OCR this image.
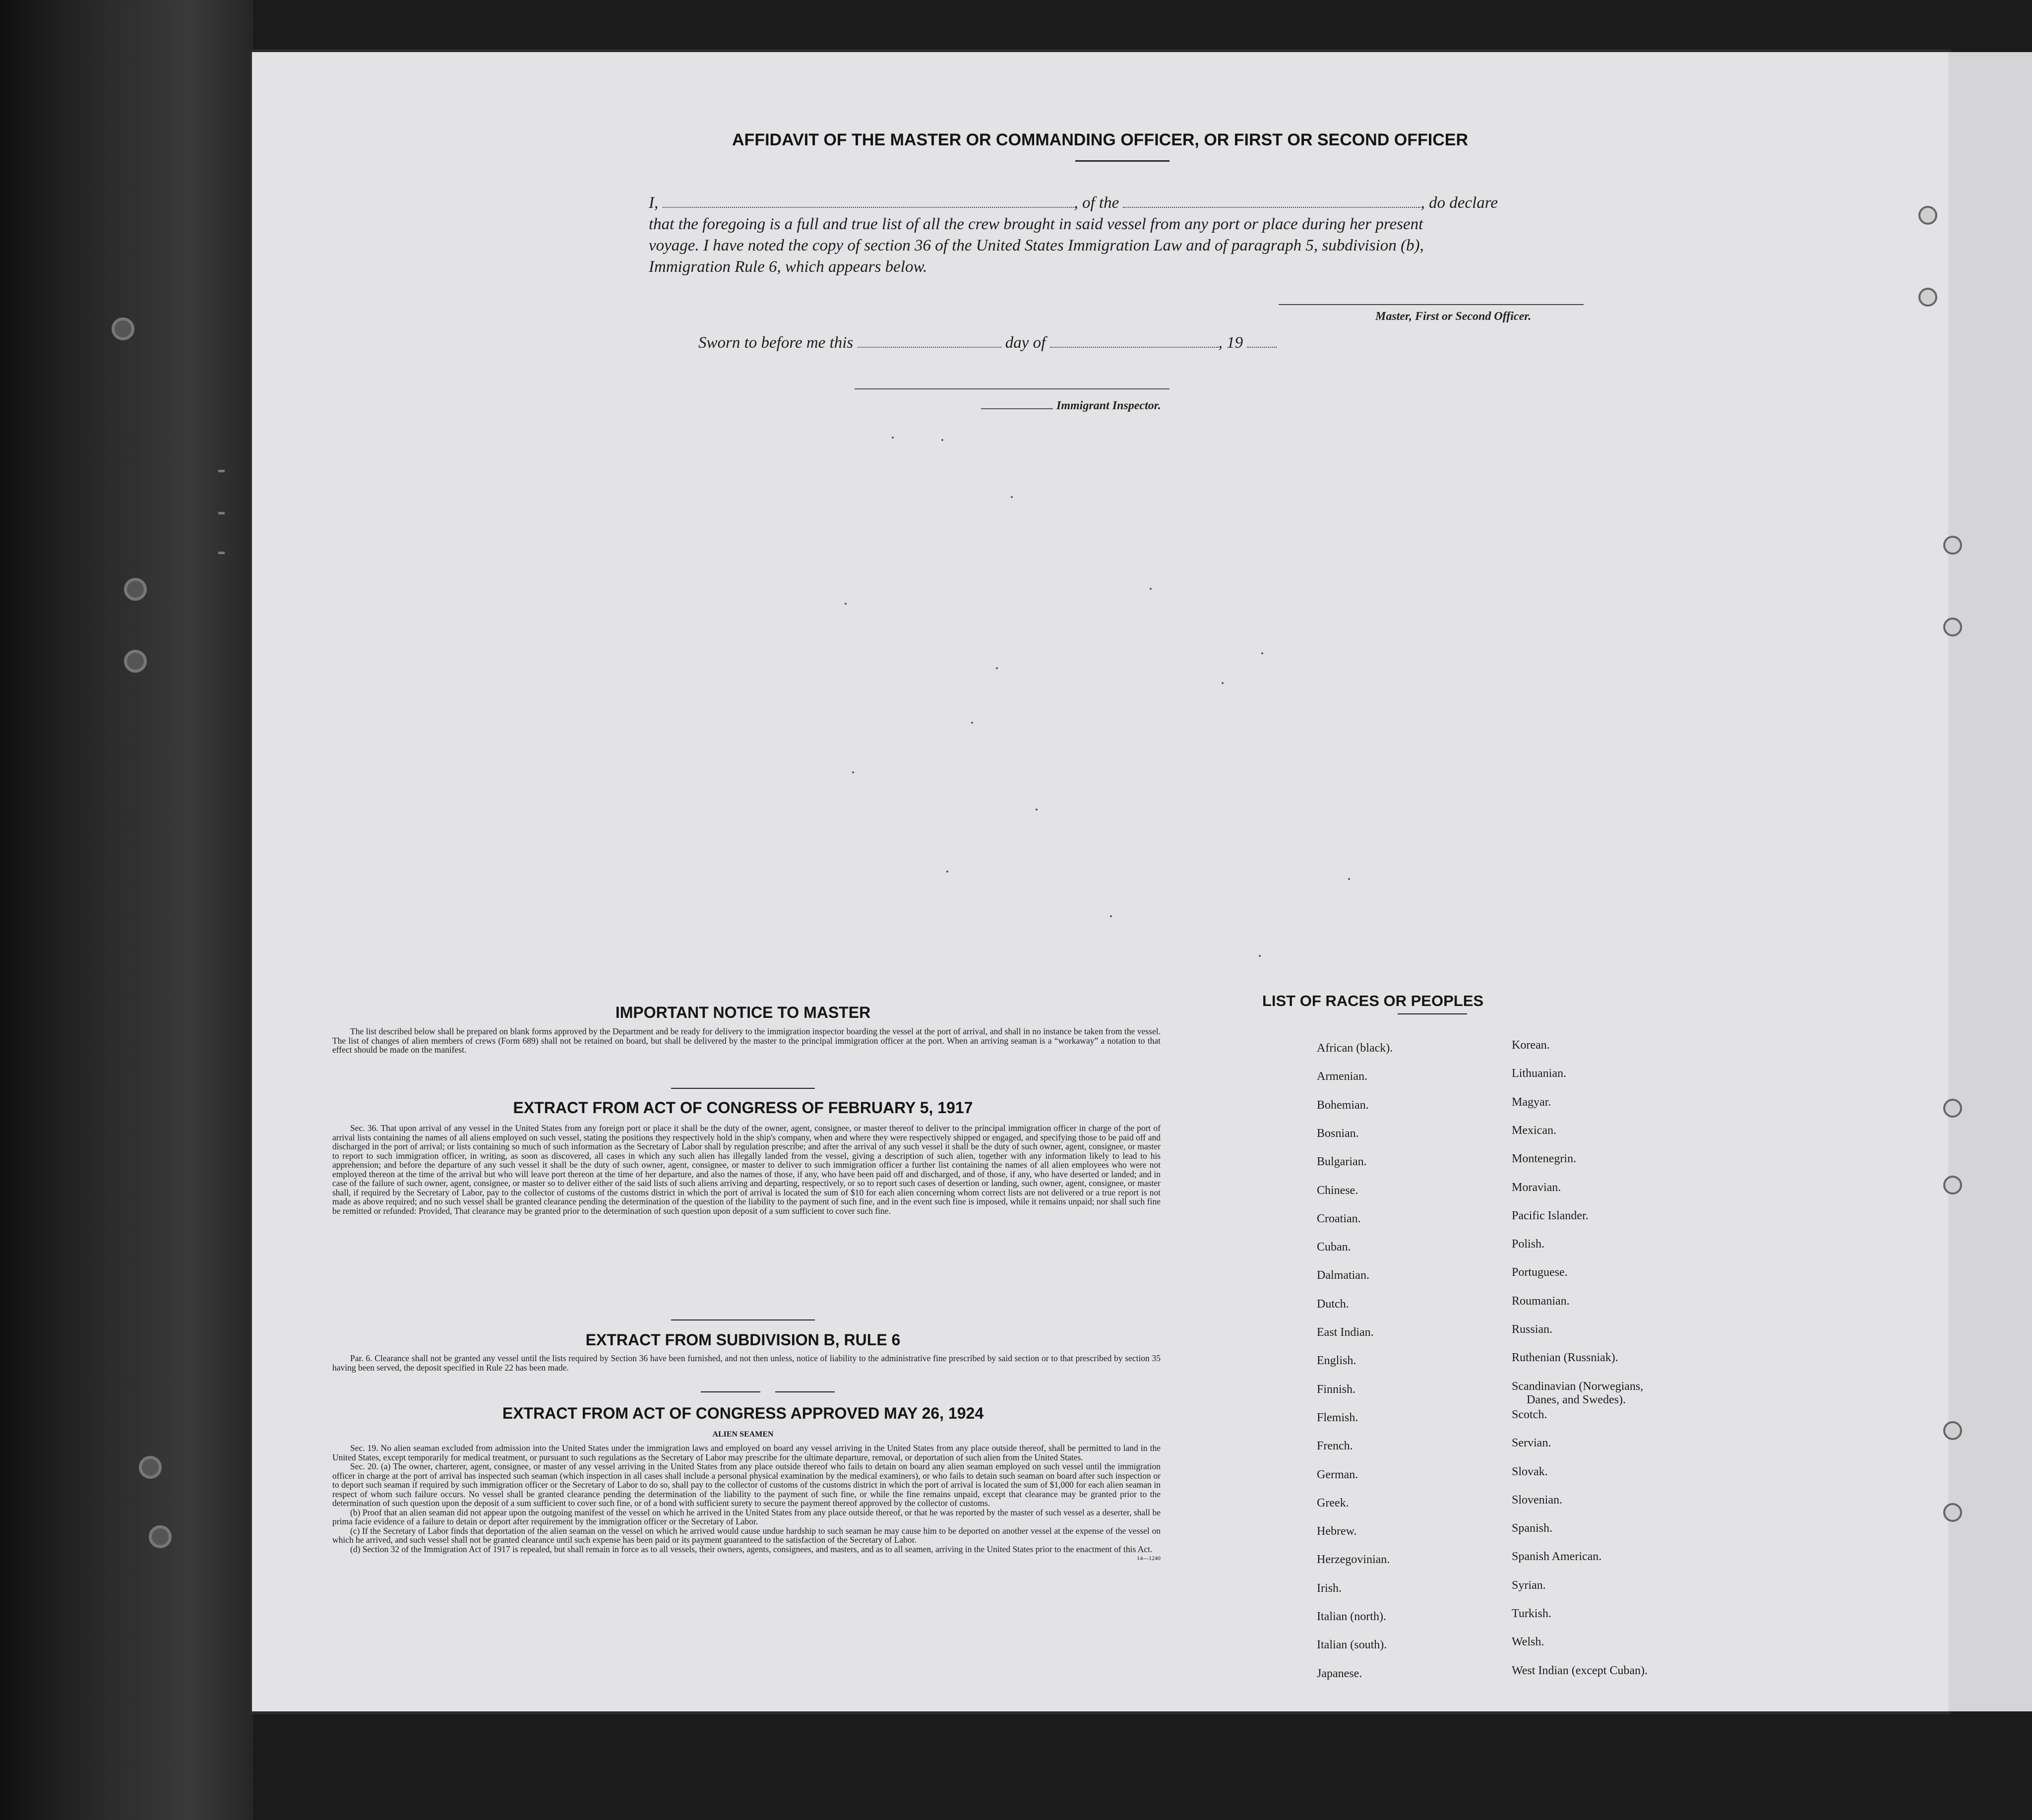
▬
▬
▬
AFFIDAVIT OF THE MASTER OR COMMANDING OFFICER, OR FIRST OR SECOND OFFICER
I,	, of the	, do declare
that the foregoing is a full and true list of all the crew brought in said vessel from any port or place during her present
voyage. I have noted the copy of section 36 of the United States Immigration Law and of paragraph 5, subdivision (b),
Immigration Rule 6, which appears below.
Master, First or Second Officer.
Sworn to before me this	day of	, 19
Immigrant Inspector.
IMPORTANT NOTICE TO MASTER

The list described below shall be prepared on blank forms approved by the Department and be ready for delivery to the immigration inspector boarding the vessel at the port of arrival, and shall in no instance be taken from the vessel. The list of changes of alien members of crews (Form 689) shall not be retained on board, but shall be delivered by the master to the principal immigration officer at the port. When an arriving seaman is a “workaway” a notation to that effect should be made on the manifest.

EXTRACT FROM ACT OF CONGRESS OF FEBRUARY 5, 1917

Sec. 36. That upon arrival of any vessel in the United States from any foreign port or place it shall be the duty of the owner, agent, consignee, or master thereof to deliver to the principal immigration officer in charge of the port of arrival lists containing the names of all aliens employed on such vessel, stating the positions they respectively hold in the ship's company, when and where they were respectively shipped or engaged, and specifying those to be paid off and discharged in the port of arrival; or lists containing so much of such information as the Secretary of Labor shall by regulation prescribe; and after the arrival of any such vessel it shall be the duty of such owner, agent, consignee, or master to report to such immigration officer, in writing, as soon as discovered, all cases in which any such alien has illegally landed from the vessel, giving a description of such alien, together with any information likely to lead to his apprehension; and before the departure of any such vessel it shall be the duty of such owner, agent, consignee, or master to deliver to such immigration officer a further list containing the names of all alien employees who were not employed thereon at the time of the arrival but who will leave port thereon at the time of her departure, and also the names of those, if any, who have been paid off and discharged, and of those, if any, who have deserted or landed; and in case of the failure of such owner, agent, consignee, or master so to deliver either of the said lists of such aliens arriving and departing, respectively, or so to report such cases of desertion or landing, such owner, agent, consignee, or master shall, if required by the Secretary of Labor, pay to the collector of customs of the customs district in which the port of arrival is located the sum of $10 for each alien concerning whom correct lists are not delivered or a true report is not made as above required; and no such vessel shall be granted clearance pending the determination of the question of the liability to the payment of such fine, and in the event such fine is imposed, while it remains unpaid; nor shall such fine be remitted or refunded: Provided, That clearance may be granted prior to the determination of such question upon deposit of a sum sufficient to cover such fine.

EXTRACT FROM SUBDIVISION B, RULE 6

Par. 6. Clearance shall not be granted any vessel until the lists required by Section 36 have been furnished, and not then unless, notice of liability to the administrative fine prescribed by said section or to that prescribed by section 35 having been served, the deposit specified in Rule 22 has been made.

EXTRACT FROM ACT OF CONGRESS APPROVED MAY 26, 1924
ALIEN SEAMEN

Sec. 19. No alien seaman excluded from admission into the United States under the immigration laws and employed on board any vessel arriving in the United States from any place outside thereof, shall be permitted to land in the United States, except temporarily for medical treatment, or pursuant to such regulations as the Secretary of Labor may prescribe for the ultimate departure, removal, or deportation of such alien from the United States.

Sec. 20. (a) The owner, charterer, agent, consignee, or master of any vessel arriving in the United States from any place outside thereof who fails to detain on board any alien seaman employed on such vessel until the immigration officer in charge at the port of arrival has inspected such seaman (which inspection in all cases shall include a personal physical examination by the medical examiners), or who fails to detain such seaman on board after such inspection or to deport such seaman if required by such immigration officer or the Secretary of Labor to do so, shall pay to the collector of customs of the customs district in which the port of arrival is located the sum of $1,000 for each alien seaman in respect of whom such failure occurs. No vessel shall be granted clearance pending the determination of the liability to the payment of such fine, or while the fine remains unpaid, except that clearance may be granted prior to the determination of such question upon the deposit of a sum sufficient to cover such fine, or of a bond with sufficient surety to secure the payment thereof approved by the collector of customs.

(b) Proof that an alien seaman did not appear upon the outgoing manifest of the vessel on which he arrived in the United States from any place outside thereof, or that he was reported by the master of such vessel as a deserter, shall be prima facie evidence of a failure to detain or deport after requirement by the immigration officer or the Secretary of Labor.

(c) If the Secretary of Labor finds that deportation of the alien seaman on the vessel on which he arrived would cause undue hardship to such seaman he may cause him to be deported on another vessel at the expense of the vessel on which he arrived, and such vessel shall not be granted clearance until such expense has been paid or its payment guaranteed to the satisfaction of the Secretary of Labor.

(d) Section 32 of the Immigration Act of 1917 is repealed, but shall remain in force as to all vessels, their owners, agents, consignees, and masters, and as to all seamen, arriving in the United States prior to the enactment of this Act.
14—1240

LIST OF RACES OR PEOPLES
African (black).
Armenian.
Bohemian.
Bosnian.
Bulgarian.
Chinese.
Croatian.
Cuban.
Dalmatian.
Dutch.
East Indian.
English.
Finnish.
Flemish.
French.
German.
Greek.
Hebrew.
Herzegovinian.
Irish.
Italian (north).
Italian (south).
Japanese.
Korean.
Lithuanian.
Magyar.
Mexican.
Montenegrin.
Moravian.
Pacific Islander.
Polish.
Portuguese.
Roumanian.
Russian.
Ruthenian (Russniak).
Scandinavian (Norwegians,
Danes, and Swedes).
Scotch.
Servian.
Slovak.
Slovenian.
Spanish.
Spanish American.
Syrian.
Turkish.
Welsh.
West Indian (except Cuban).
